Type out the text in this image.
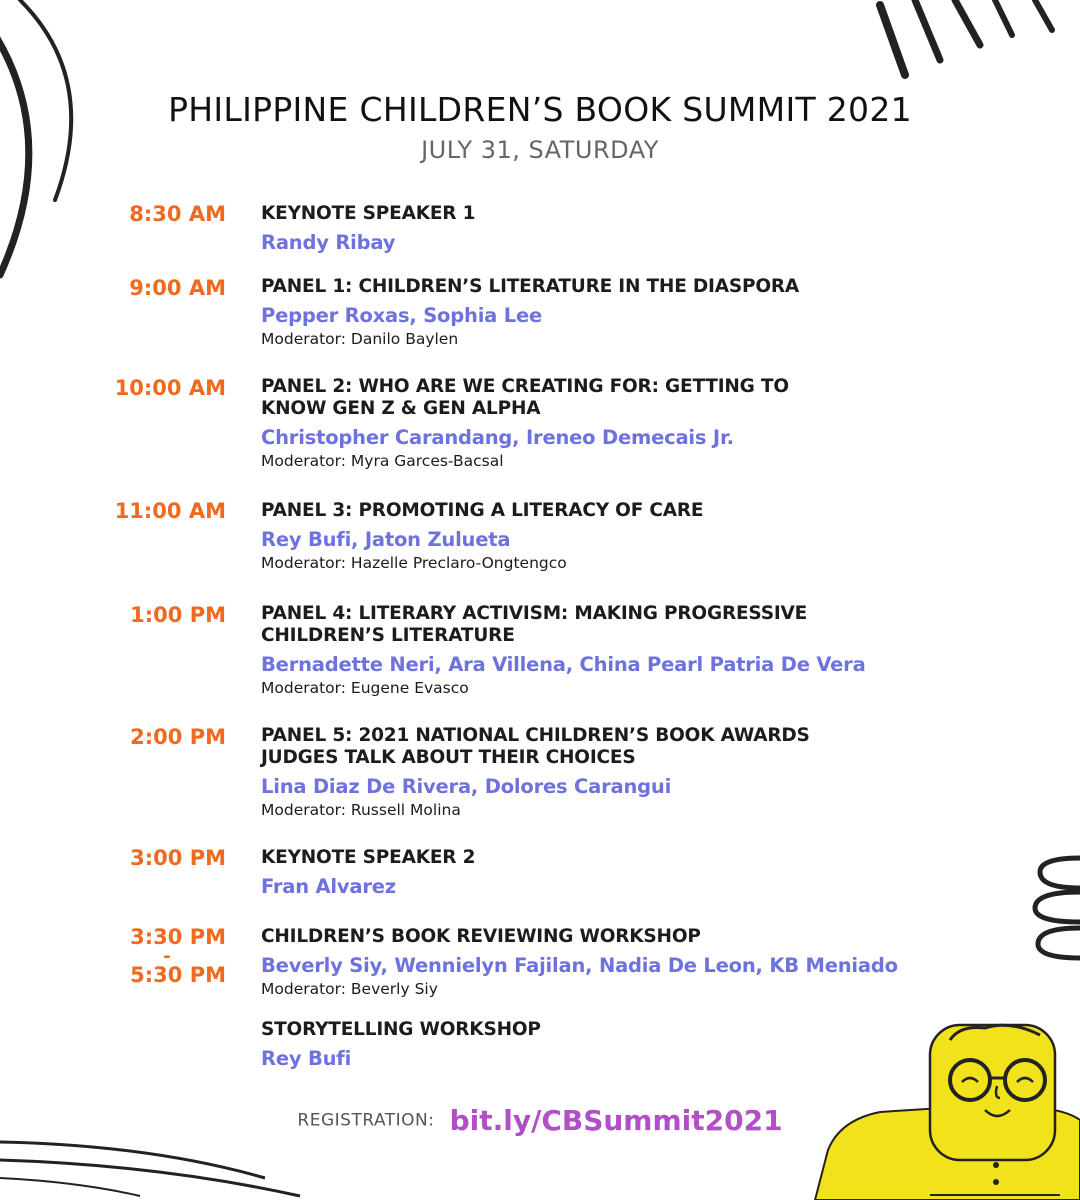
PHILIPPINE CHILDREN’S BOOK SUMMIT 2021
JULY 31, SATURDAY
8:30 AM
9:00 AM
10:00 AM
11:00 AM
1:00 PM
2:00 PM
3:00 PM
3:30 PM
-
5:30 PM
KEYNOTE SPEAKER 1
Randy Ribay
PANEL 1: CHILDREN’S LITERATURE IN THE DIASPORA
Pepper Roxas, Sophia Lee
Moderator: Danilo Baylen
PANEL 2: WHO ARE WE CREATING FOR: GETTING TO KNOW GEN Z & GEN ALPHA
Christopher Carandang, Ireneo Demecais Jr.
Moderator: Myra Garces-Bacsal
PANEL 3: PROMOTING A LITERACY OF CARE
Rey Bufi, Jaton Zulueta
Moderator: Hazelle Preclaro-Ongtengco
PANEL 4: LITERARY ACTIVISM: MAKING PROGRESSIVE CHILDREN’S LITERATURE
Bernadette Neri, Ara Villena, China Pearl Patria De Vera
Moderator: Eugene Evasco
PANEL 5: 2021 NATIONAL CHILDREN’S BOOK AWARDS JUDGES TALK ABOUT THEIR CHOICES
Lina Diaz De Rivera, Dolores Carangui
Moderator: Russell Molina
KEYNOTE SPEAKER 2
Fran Alvarez
CHILDREN’S BOOK REVIEWING WORKSHOP
Beverly Siy, Wennielyn Fajilan, Nadia De Leon, KB Meniado
Moderator: Beverly Siy
STORYTELLING WORKSHOP
Rey Bufi
REGISTRATION: bit.ly/CBSummit2021
